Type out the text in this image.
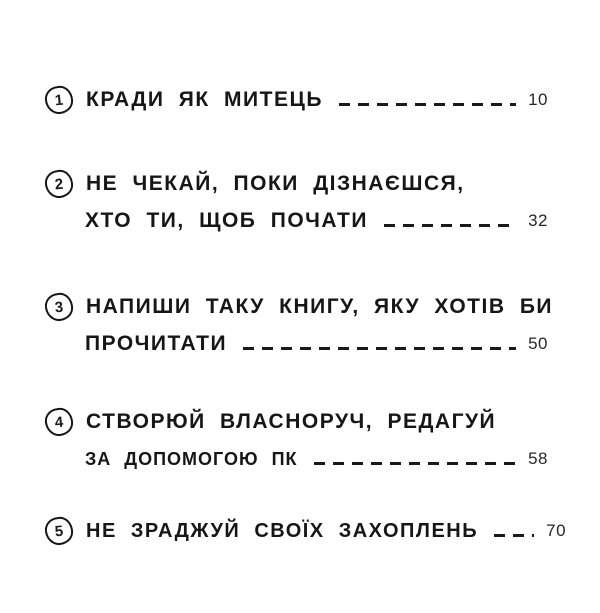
1 КРАДИ ЯК МИТЕЦЬ	10
2 НЕ ЧЕКАЙ, ПОКИ ДІЗНАЄШСЯ,
ХТО ТИ, ЩОБ ПОЧАТИ	32
3 НАПИШИ ТАКУ КНИГУ, ЯКУ ХОТІВ БИ
ПРОЧИТАТИ	50
4 СТВОРЮЙ ВЛАСНОРУЧ, РЕДАГУЙ
ЗА ДОПОМОГОЮ ПК	58
5 НЕ ЗРАДЖУЙ СВОЇХ ЗАХОПЛЕНЬ	70
